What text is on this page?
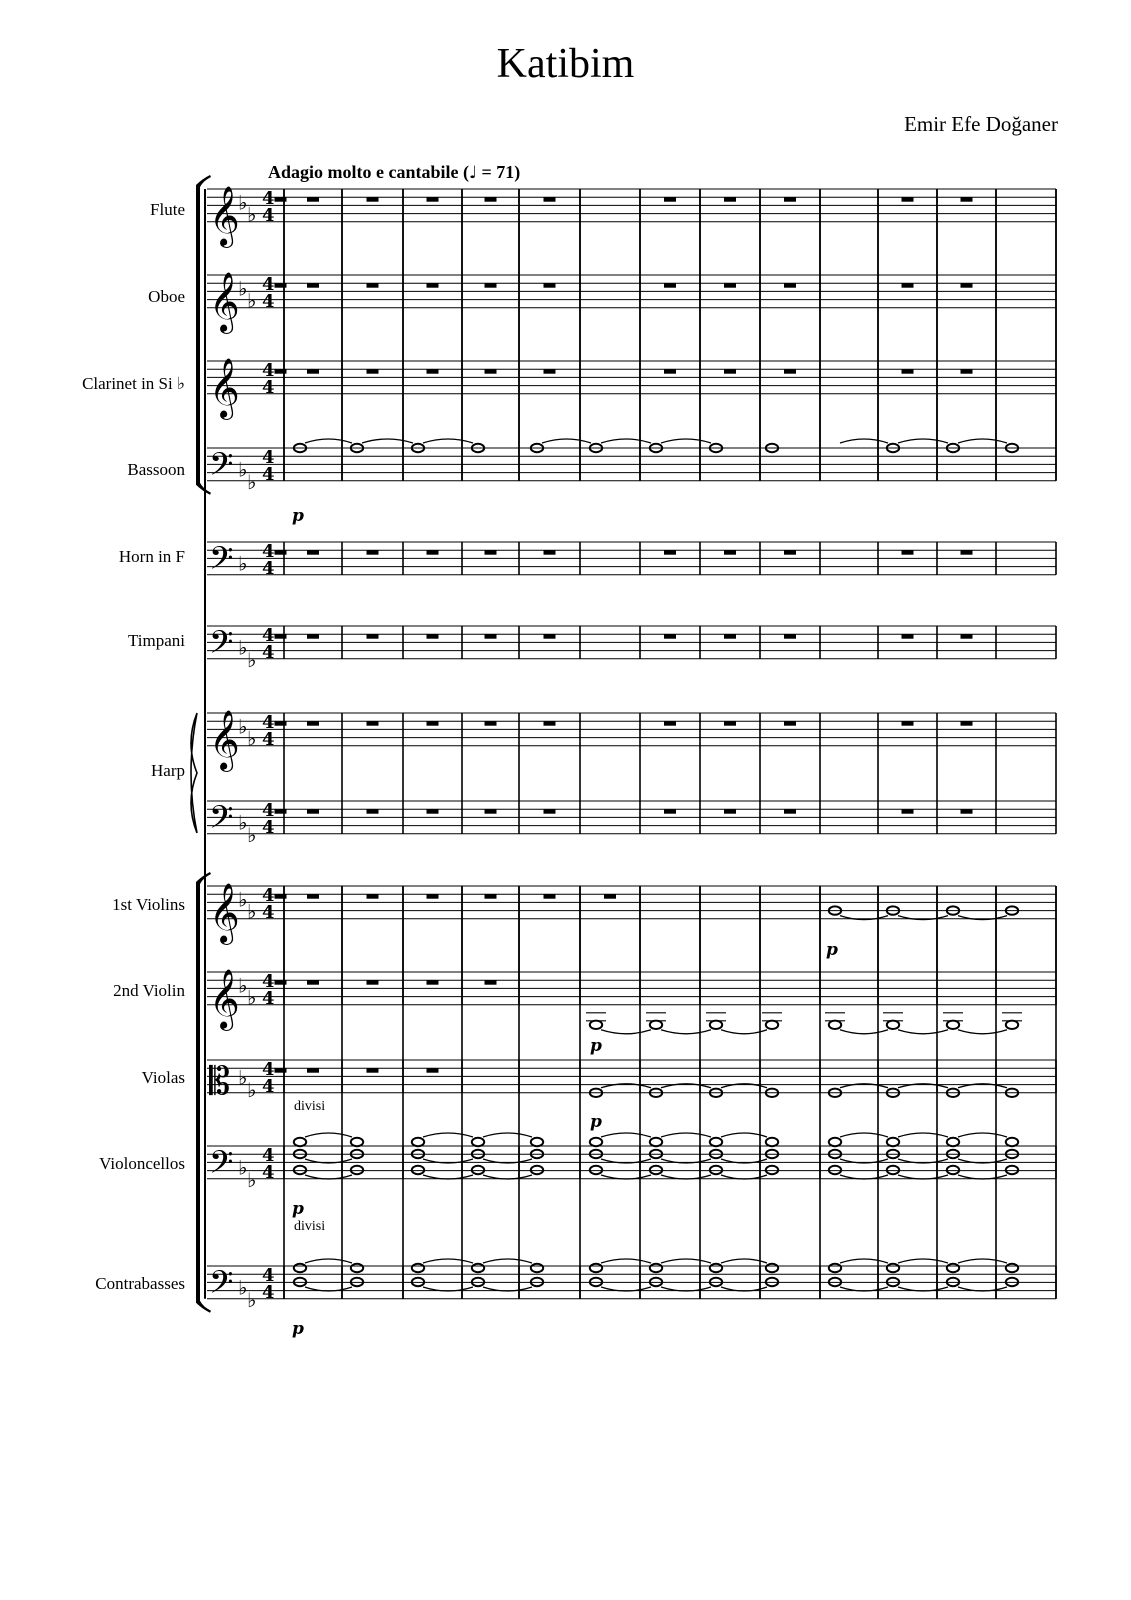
Katibim
Emir Efe Doğaner
Adagio molto e cantabile (♩ = 71)
Flute
Oboe
Clarinet in Si ♭
Bassoon
Horn in F
Timpani
Harp
1st Violins
2nd Violin
Violas
Violoncellos
Contrabasses
p
p
p
p
divisi
p
divisi
p
𝄞
♭
♭
4
4
𝄞
♭
♭
4
4
𝄞 4
4
𝄢 ♭
♭
4
4
𝄢 ♭
4
4
𝄢 ♭
♭
4
4
𝄞
♭
♭
4
4
𝄢 ♭
♭
4
4
𝄞
♭
♭
4
4
𝄞
♭
♭
4
4
𝄡 ♭
♭
4
4
𝄢 ♭
♭
4
4
𝄢 ♭
♭
4
4
